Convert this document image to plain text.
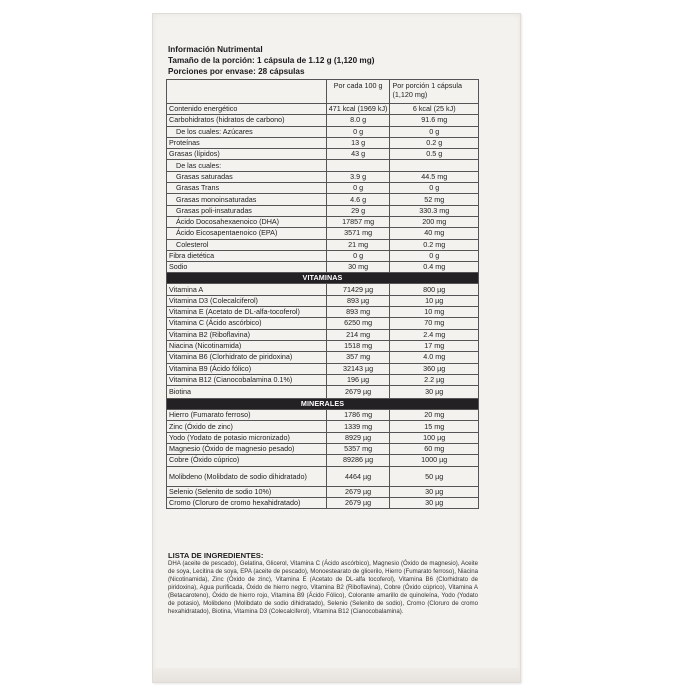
Información Nutrimental
Tamaño de la porción: 1 cápsula de 1.12 g (1,120 mg)
Porciones por envase: 28 cápsulas
	Por cada 100 g	Por porción 1 cápsula (1,120 mg)
Contenido energético	471 kcal (1969 kJ)	6 kcal (25 kJ)
Carbohidratos (hidratos de carbono)	8.0 g	91.6 mg
De los cuales: Azúcares	0 g	0 g
Proteínas	13 g	0.2 g
Grasas (lípidos)	43 g	0.5 g
De las cuales:		
Grasas saturadas	3.9 g	44.5 mg
Grasas Trans	0 g	0 g
Grasas monoinsaturadas	4.6 g	52 mg
Grasas poli-insaturadas	29 g	330.3 mg
Ácido Docosahexaenoico (DHA)	17857 mg	200 mg
Ácido Eicosapentaenoico (EPA)	3571 mg	40 mg
Colesterol	21 mg	0.2 mg
Fibra dietética	0 g	0 g
Sodio	30 mg	0.4 mg
VITAMINAS		
Vitamina A	71429 µg	800 µg
Vitamina D3 (Colecalciferol)	893 µg	10 µg
Vitamina E (Acetato de DL-alfa-tocoferol)	893 mg	10 mg
Vitamina C (Ácido ascórbico)	6250 mg	70 mg
Vitamina B2 (Riboflavina)	214 mg	2.4 mg
Niacina (Nicotinamida)	1518 mg	17 mg
Vitamina B6 (Clorhidrato de piridoxina)	357 mg	4.0 mg
Vitamina B9 (Ácido fólico)	32143 µg	360 µg
Vitamina B12 (Cianocobalamina 0.1%)	196 µg	2.2 µg
Biotina	2679 µg	30 µg
MINERALES		
Hierro (Fumarato ferroso)	1786 mg	20 mg
Zinc (Óxido de zinc)	1339 mg	15 mg
Yodo (Yodato de potasio micronizado)	8929 µg	100 µg
Magnesio (Óxido de magnesio pesado)	5357 mg	60 mg
Cobre (Óxido cúprico)	89286 µg	1000 µg
Molibdeno (Molibdato de sodio dihidratado)	4464 µg	50 µg
Selenio (Selenito de sodio 10%)	2679 µg	30 µg
Cromo (Cloruro de cromo hexahidratado)	2679 µg	30 µg
LISTA DE INGREDIENTES:
DHA (aceite de pescado), Gelatina, Glicerol, Vitamina C (Ácido ascórbico), Magnesio (Óxido de magnesio), Aceite de soya, Lecitina de soya, EPA (aceite de pescado), Monoestearato de glicerilo, Hierro (Fumarato ferroso), Niacina (Nicotinamida), Zinc (Óxido de zinc), Vitamina E (Acetato de DL-alfa tocoferol), Vitamina B6 (Clorhidrato de piridoxina), Agua purificada, Óxido de hierro negro, Vitamina B2 (Riboflavina), Cobre (Óxido cúprico), Vitamina A (Betacaroteno), Óxido de hierro rojo, Vitamina B9 (Ácido Fólico), Colorante amarillo de quinoleína, Yodo (Yodato de potasio), Molibdeno (Molibdato de sodio dihidratado), Selenio (Selenito de sodio), Cromo (Cloruro de cromo hexahidratado), Biotina, Vitamina D3 (Colecalciferol), Vitamina B12 (Cianocobalamina).
